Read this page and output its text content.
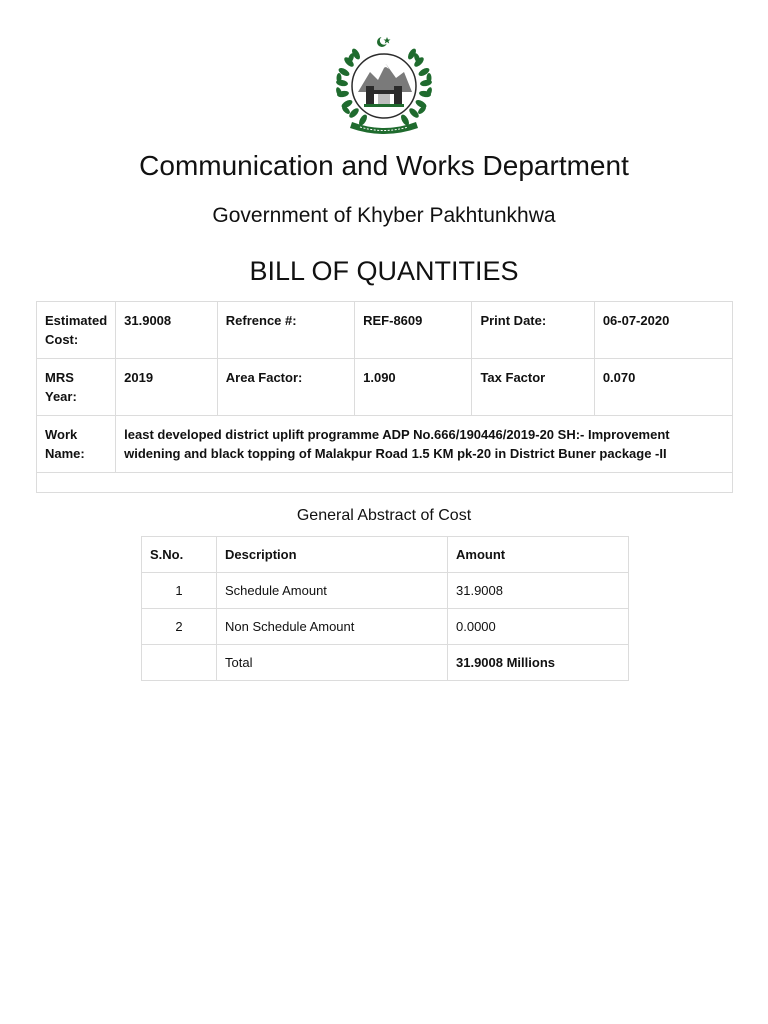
Communication and Works Department
Government of Khyber Pakhtunkhwa
BILL OF QUANTITIES
Estimated Cost:	31.9008	Refrence #:	REF-8609	Print Date:	06-07-2020
MRS Year:	2019	Area Factor:	1.090	Tax Factor	0.070
Work Name:	least developed district uplift programme ADP No.666/190446/2019-20 SH:- Improvement widening and black topping of Malakpur Road 1.5 KM pk-20 in District Buner package -II				

General Abstract of Cost
S.No.	Description	Amount
1	Schedule Amount	31.9008
2	Non Schedule Amount	0.0000
	Total	31.9008 Millions
